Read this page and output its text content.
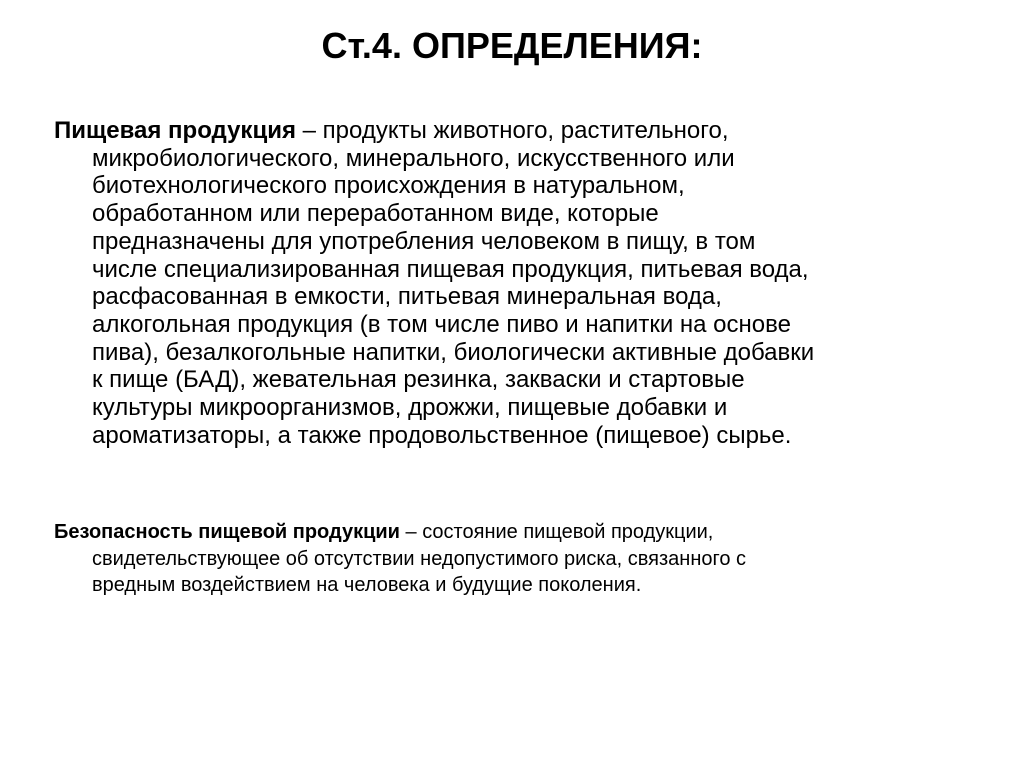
Ст.4. ОПРЕДЕЛЕНИЯ:

Пищевая продукция – продукты животного, растительного,
микробиологического, минерального, искусственного или
биотехнологического происхождения в натуральном,
обработанном или переработанном виде, которые
предназначены для употребления человеком в пищу, в том
числе специализированная пищевая продукция, питьевая вода,
расфасованная в емкости, питьевая минеральная вода,
алкогольная продукция (в том числе пиво и напитки на основе
пива), безалкогольные напитки, биологически активные добавки
к пище (БАД), жевательная резинка, закваски и стартовые
культуры микроорганизмов, дрожжи, пищевые добавки и
ароматизаторы, а также продовольственное (пищевое) сырье.

Безопасность пищевой продукции – состояние пищевой продукции,
свидетельствующее об отсутствии недопустимого риска, связанного с
вредным воздействием на человека и будущие поколения.
